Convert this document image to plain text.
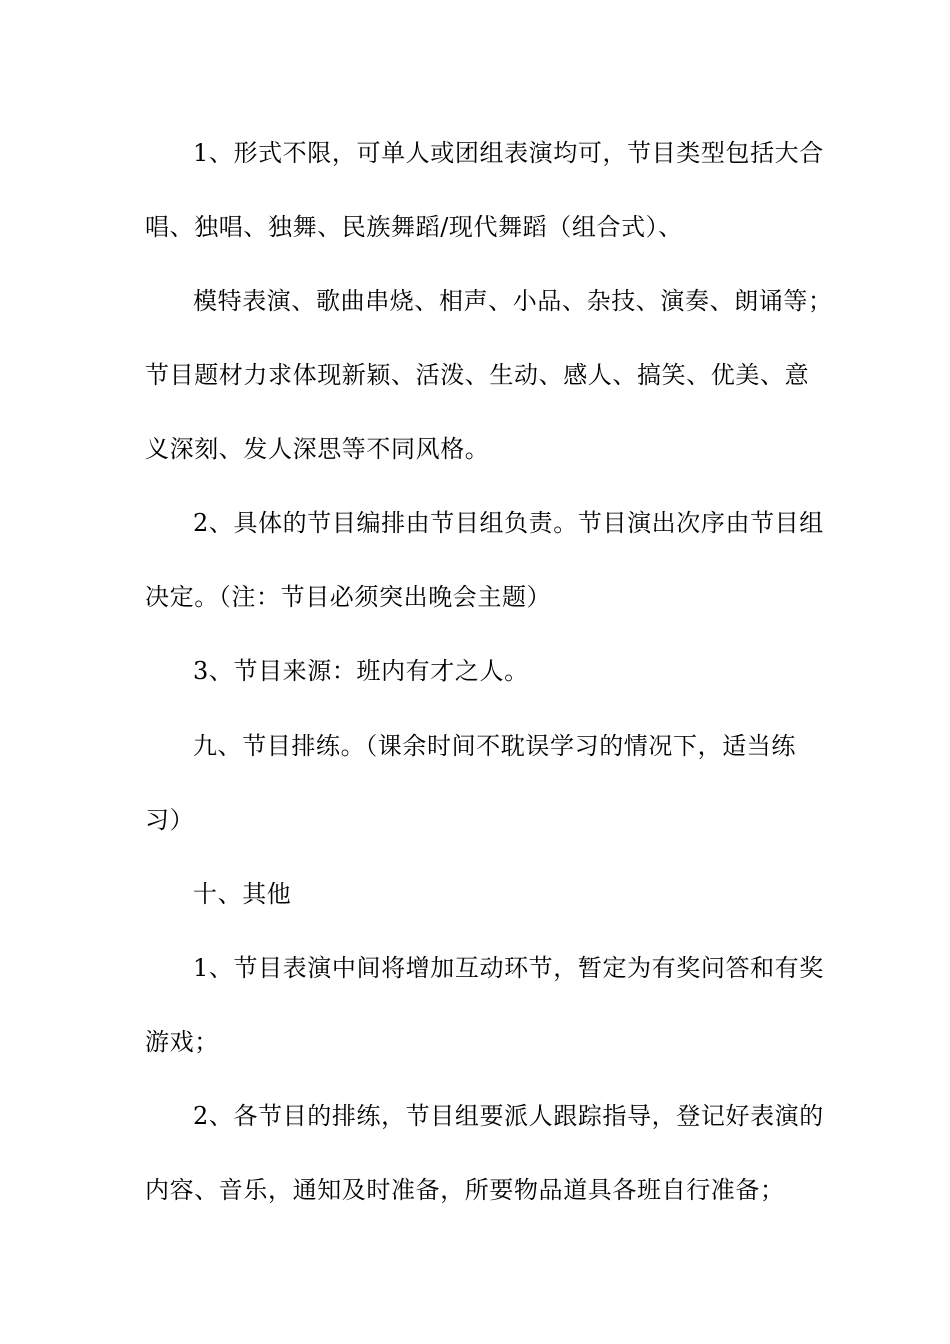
1、形式不限，可单人或团组表演均可，节目类型包括大合
唱、独唱、独舞、民族舞蹈/现代舞蹈（组合式）、
模特表演、歌曲串烧、相声、小品、杂技、演奏、朗诵等；
节目题材力求体现新颖、活泼、生动、感人、搞笑、优美、意
义深刻、发人深思等不同风格。
2、具体的节目编排由节目组负责。节目演出次序由节目组
决定。（注：节目必须突出晚会主题）
3、节目来源：班内有才之人。
九、节目排练。（课余时间不耽误学习的情况下，适当练
习）
十、其他
1、节目表演中间将增加互动环节，暂定为有奖问答和有奖
游戏；
2、各节目的排练，节目组要派人跟踪指导，登记好表演的
内容、音乐，通知及时准备，所要物品道具各班自行准备；
